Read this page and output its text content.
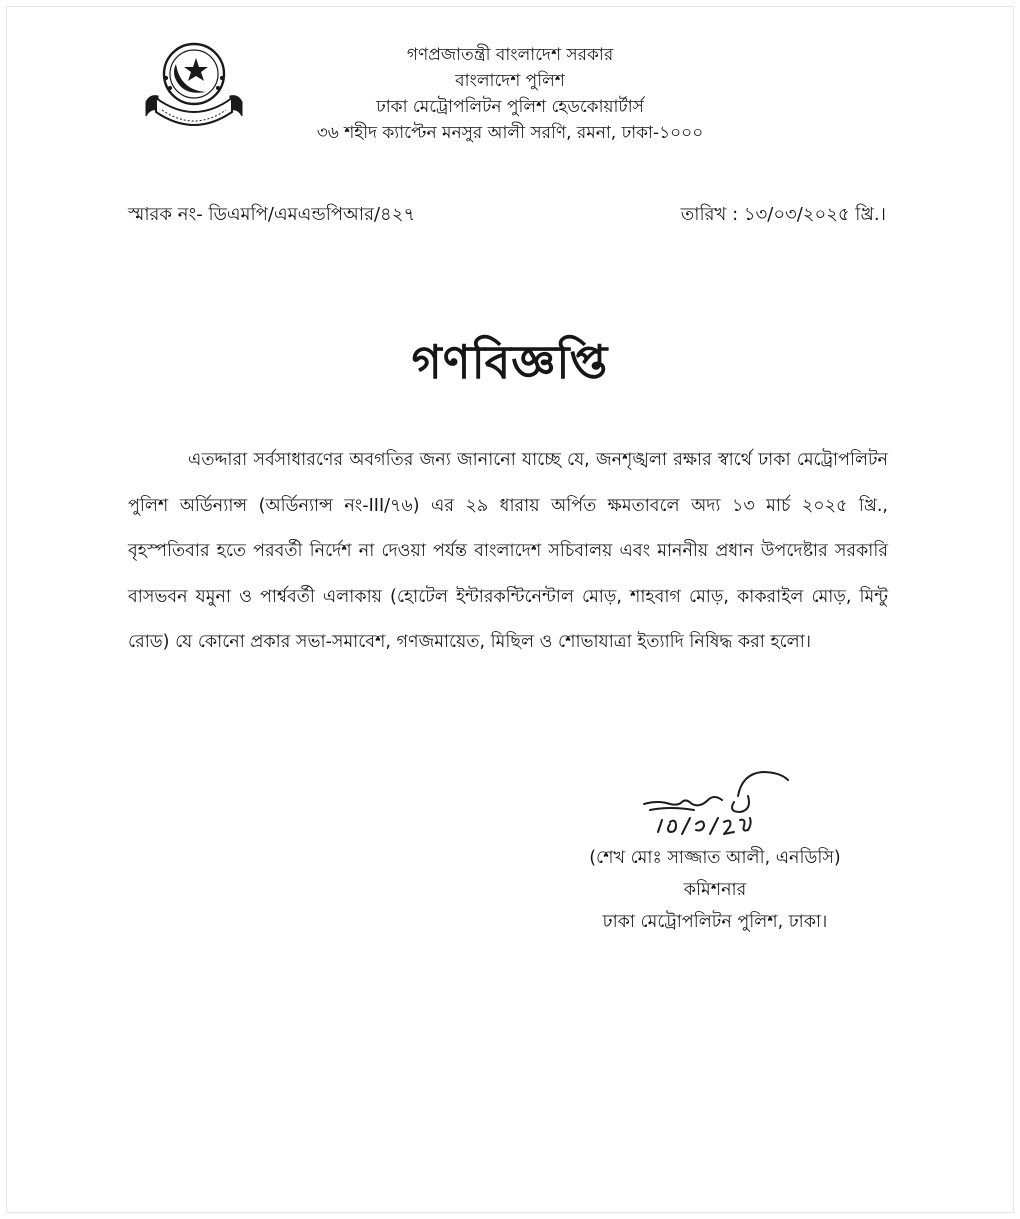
গণপ্রজাতন্ত্রী বাংলাদেশ সরকার
বাংলাদেশ পুলিশ
ঢাকা মেট্রোপলিটন পুলিশ হেডকোয়ার্টার্স
৩৬ শহীদ ক্যাপ্টেন মনসুর আলী সরণি, রমনা, ঢাকা-১০০০
স্মারক নং- ডিএমপি/এমএন্ডপিআর/৪২৭	তারিখ : ১৩/০৩/২০২৫ খ্রি.।
গণবিজ্ঞপ্তি

এতদ্দারা সর্বসাধারণের অবগতির জন্য জানানো যাচ্ছে যে, জনশৃঙ্খলা রক্ষার স্বার্থে ঢাকা মেট্রোপলিটন পুলিশ অর্ডিন্যান্স (অর্ডিন্যান্স নং-III/৭৬) এর ২৯ ধারায় অর্পিত ক্ষমতাবলে অদ্য ১৩ মার্চ ২০২৫ খ্রি., বৃহস্পতিবার হতে পরবর্তী নির্দেশ না দেওয়া পর্যন্ত বাংলাদেশ সচিবালয় এবং মাননীয় প্রধান উপদেষ্টার সরকারি বাসভবন যমুনা ও পার্শ্ববর্তী এলাকায় (হোটেল ইন্টারকন্টিনেন্টাল মোড়, শাহবাগ মোড়, কাকরাইল মোড়, মিন্টু রোড) যে কোনো প্রকার সভা-সমাবেশ, গণজমায়েত, মিছিল ও শোভাযাত্রা ইত্যাদি নিষিদ্ধ করা হলো।

(শেখ মোঃ সাজ্জাত আলী, এনডিসি)
কমিশনার
ঢাকা মেট্রোপলিটন পুলিশ, ঢাকা।
